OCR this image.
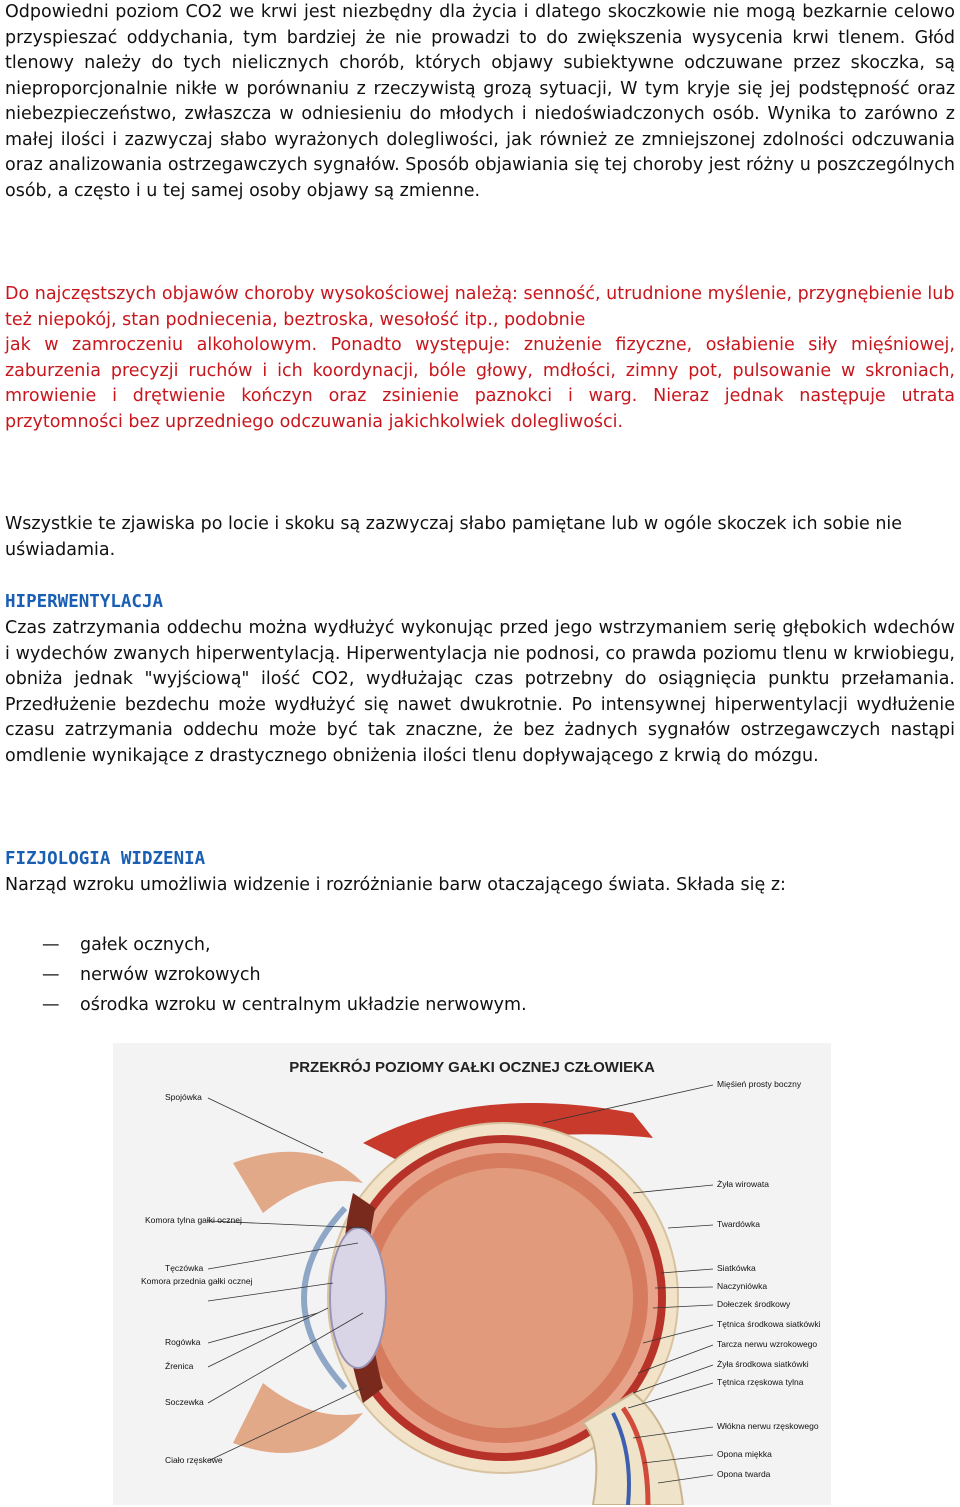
Odpowiedni poziom CO2 we krwi jest niezbędny dla życia i dlatego skoczkowie nie mogą bezkarnie celowo przyspieszać oddychania, tym bardziej że nie prowadzi to do zwiększenia wysycenia krwi tlenem. Głód tlenowy należy do tych nielicznych chorób, których objawy subiektywne odczuwane przez skoczka, są nieproporcjonalnie nikłe w porównaniu z rzeczywistą grozą sytuacji, W tym kryje się jej podstępność oraz niebezpieczeństwo, zwłaszcza w odniesieniu do młodych i niedoświadczonych osób. Wynika to zarówno z małej ilości i zazwyczaj słabo wyrażonych dolegliwości, jak również ze zmniejszonej zdolności odczuwania oraz analizowania ostrzegawczych sygnałów. Sposób objawiania się tej choroby jest różny u poszczególnych osób, a często i u tej samej osoby objawy są zmienne.

Do najczęstszych objawów choroby wysokościowej należą: senność, utrudnione myślenie, przygnębienie lub też niepokój, stan podniecenia, beztroska, wesołość itp., podobnie

jak w zamroczeniu alkoholowym. Ponadto występuje: znużenie fizyczne, osłabienie siły mięśniowej, zaburzenia precyzji ruchów i ich koordynacji, bóle głowy, mdłości, zimny pot, pulsowanie w skroniach, mrowienie i drętwienie kończyn oraz zsinienie paznokci i warg. Nieraz jednak następuje utrata przytomności bez uprzedniego odczuwania jakichkolwiek dolegliwości.

Wszystkie te zjawiska po locie i skoku są zazwyczaj słabo pamiętane lub w ogóle skoczek ich sobie nie uświadamia.

HIPERWENTYLACJA

Czas zatrzymania oddechu można wydłużyć wykonując przed jego wstrzymaniem serię głębokich wdechów i wydechów zwanych hiperwentylacją. Hiperwentylacja nie podnosi, co prawda poziomu tlenu w krwiobiegu, obniża jednak "wyjściową" ilość CO2, wydłużając czas potrzebny do osiągnięcia punktu przełamania. Przedłużenie bezdechu może wydłużyć się nawet dwukrotnie. Po intensywnej hiperwentylacji wydłużenie czasu zatrzymania oddechu może być tak znaczne, że bez żadnych sygnałów ostrzegawczych nastąpi omdlenie wynikające z drastycznego obniżenia ilości tlenu dopływającego z krwią do mózgu.

FIZJOLOGIA WIDZENIA

Narząd wzroku umożliwia widzenie i rozróżnianie barw otaczającego świata. Składa się z:

— gałek ocznych,
— nerwów wzrokowych
— ośrodka wzroku w centralnym układzie nerwowym.
PRZEKRÓJ POZIOMY GAŁKI OCZNEJ CZŁOWIEKA
Spojówka
Komora tylna gałki ocznej
Tęczówka
Komora przednia gałki ocznej
Rogówka
Źrenica
Soczewka
Ciało rzęskowe
Mięśień prosty boczny
Żyła wirowata
Twardówka
Siatkówka
Naczyniówka
Dołeczek środkowy
Tętnica środkowa siatkówki
Tarcza nerwu wzrokowego
Żyła środkowa siatkówki
Tętnica rzęskowa tylna
Włókna nerwu rzęskowego
Opona miękka
Opona twarda
